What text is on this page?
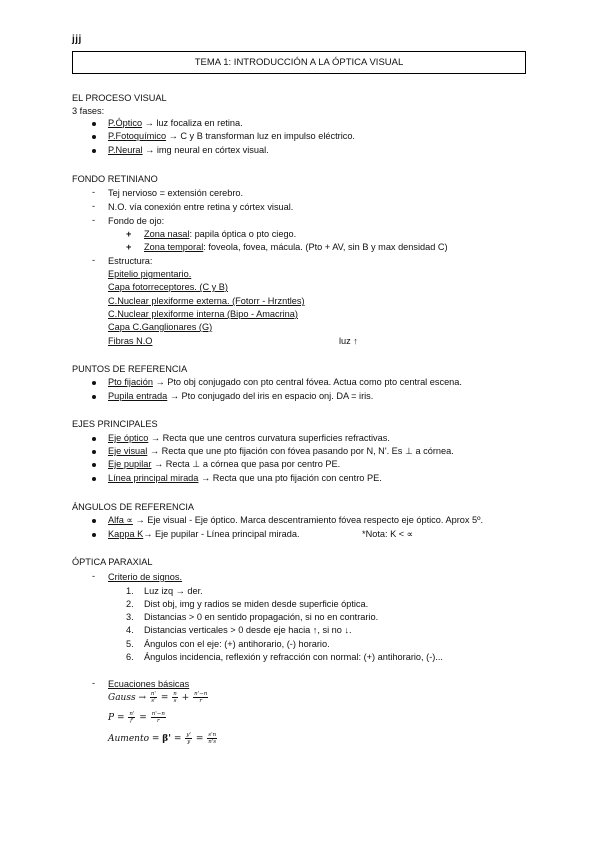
jjj
TEMA 1: INTRODUCCIÓN A LA ÓPTICA VISUAL
EL PROCESO VISUAL
3 fases:
P.Óptico → luz focaliza en retina.
P.Fotoquímico → C y B transforman luz en impulso eléctrico.
P.Neural → img neural en córtex visual.
FONDO RETINIANO
- Tej nervioso = extensión cerebro.
- N.O. vía conexión entre retina y córtex visual.
- Fondo de ojo:
+ Zona nasal: papila óptica o pto ciego.
+ Zona temporal: foveola, fovea, mácula. (Pto + AV, sin B y max densidad C)
- Estructura:
Epitelio pigmentario.
Capa fotorreceptores. (C y B)
C.Nuclear plexiforme externa. (Fotorr - Hrzntles)
C.Nuclear plexiforme interna (Bipo - Amacrina)
Capa C.Ganglionares (G)
Fibras N.O	luz ↑
PUNTOS DE REFERENCIA
Pto fijación → Pto obj conjugado con pto central fóvea. Actua como pto central escena.
Pupila entrada → Pto conjugado del iris en espacio onj. DA = iris.
EJES PRINCIPALES
Eje óptico → Recta que une centros curvatura superficies refractivas.
Eje visual → Recta que une pto fijación con fóvea pasando por N, N'. Es ⊥ a córnea.
Eje pupilar → Recta ⊥ a córnea que pasa por centro PE.
Línea principal mirada → Recta que una pto fijación con centro PE.
ÁNGULOS DE REFERENCIA
Alfa ∝ → Eje visual - Eje óptico. Marca descentramiento fóvea respecto eje óptico. Aprox 5º.
Kappa K→ Eje pupilar - Línea principal mirada.	*Nota: K < ∝
ÓPTICA PARAXIAL
- Criterio de signos.
1. Luz izq → der.
2. Dist obj, img y radios se miden desde superficie óptica.
3. Distancias > 0 en sentido propagación, si no en contrario.
4. Distancias verticales > 0 desde eje hacia ↑, si no ↓.
5. Ángulos con el eje: (+) antihorario, (-) horario.
6. Ángulos incidencia, reflexión y refracción con normal: (+) antihorario, (-)...
- Ecuaciones básicas
Gauss → $\frac{n'}{s'} = \frac{n}{s} + \frac{n'-n}{r}$
$P = \frac{n'}{f'} = \frac{n'-n}{r}$
Aumento = $\beta' = \frac{y'}{y} = \frac{s'n}{n's}$
